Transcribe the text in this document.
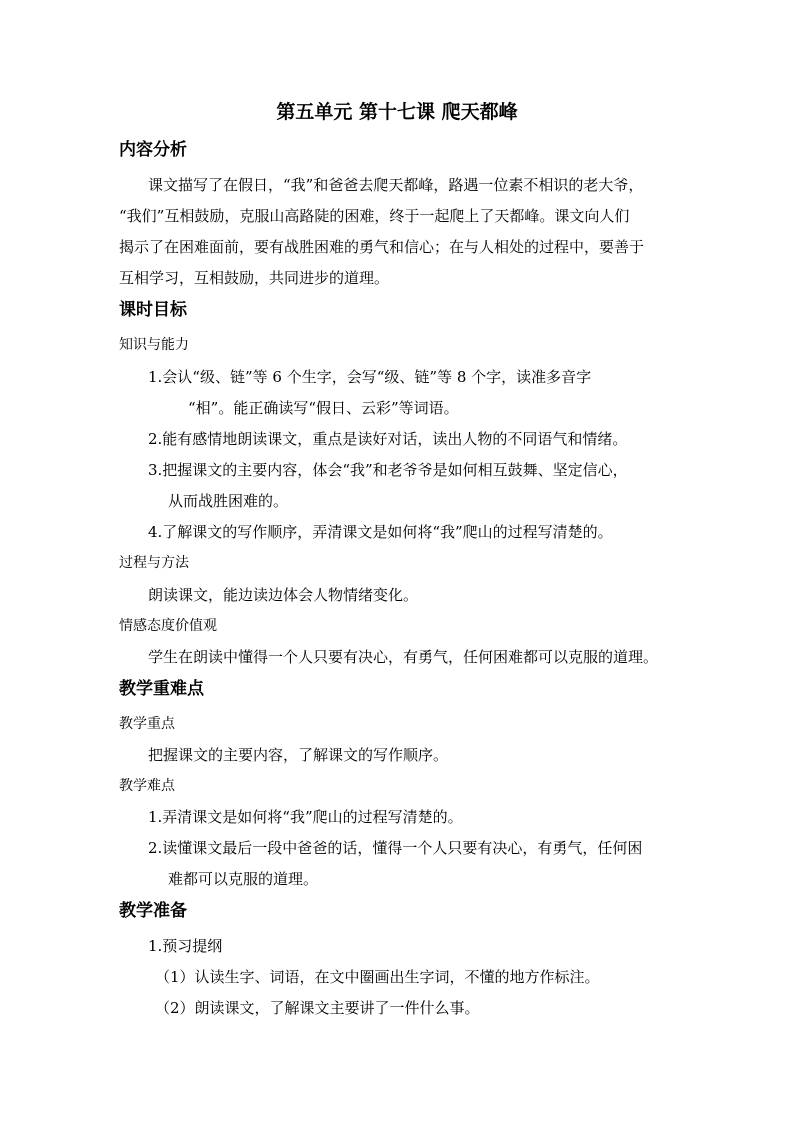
第五单元 第十七课 爬天都峰
内容分析
课文描写了在假日，“我”和爸爸去爬天都峰，路遇一位素不相识的老大爷，
“我们”互相鼓励，克服山高路陡的困难，终于一起爬上了天都峰。课文向人们
揭示了在困难面前，要有战胜困难的勇气和信心；在与人相处的过程中，要善于
互相学习，互相鼓励，共同进步的道理。
课时目标
知识与能力
1.会认“级、链”等 6 个生字，会写“级、链”等 8 个字，读准多音字
“相”。能正确读写“假日、云彩”等词语。
2.能有感情地朗读课文，重点是读好对话，读出人物的不同语气和情绪。
3.把握课文的主要内容，体会“我”和老爷爷是如何相互鼓舞、坚定信心，
从而战胜困难的。
4.了解课文的写作顺序，弄清课文是如何将“我”爬山的过程写清楚的。
过程与方法
朗读课文，能边读边体会人物情绪变化。
情感态度价值观
学生在朗读中懂得一个人只要有决心，有勇气，任何困难都可以克服的道理。
教学重难点
教学重点
把握课文的主要内容，了解课文的写作顺序。
教学难点
1.弄清课文是如何将“我”爬山的过程写清楚的。
2.读懂课文最后一段中爸爸的话，懂得一个人只要有决心，有勇气，任何困
难都可以克服的道理。
教学准备
1.预习提纲
（1）认读生字、词语，在文中圈画出生字词，不懂的地方作标注。
（2）朗读课文，了解课文主要讲了一件什么事。
